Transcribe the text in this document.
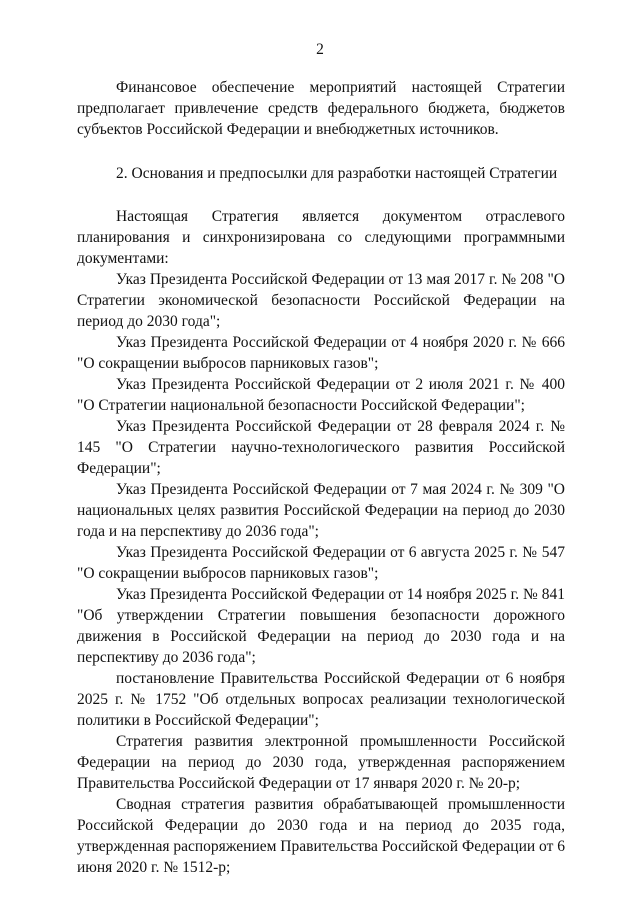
2

Финансовое обеспечение мероприятий настоящей Стратегии предполагает привлечение средств федерального бюджета, бюджетов субъектов Российской Федерации и внебюджетных источников.

2. Основания и предпосылки для разработки настоящей Стратегии

Настоящая Стратегия является документом отраслевого планирования и синхронизирована со следующими программными документами:

Указ Президента Российской Федерации от 13 мая 2017 г. № 208 "О Стратегии экономической безопасности Российской Федерации на период до 2030 года";

Указ Президента Российской Федерации от 4 ноября 2020 г. № 666 "О сокращении выбросов парниковых газов";

Указ Президента Российской Федерации от 2 июля 2021 г. № 400 "О Стратегии национальной безопасности Российской Федерации";

Указ Президента Российской Федерации от 28 февраля 2024 г. № 145 "О Стратегии научно-технологического развития Российской Федерации";

Указ Президента Российской Федерации от 7 мая 2024 г. № 309 "О национальных целях развития Российской Федерации на период до 2030 года и на перспективу до 2036 года";

Указ Президента Российской Федерации от 6 августа 2025 г. № 547 "О сокращении выбросов парниковых газов";

Указ Президента Российской Федерации от 14 ноября 2025 г. № 841 "Об утверждении Стратегии повышения безопасности дорожного движения в Российской Федерации на период до 2030 года и на перспективу до 2036 года";

постановление Правительства Российской Федерации от 6 ноября 2025 г. № 1752 "Об отдельных вопросах реализации технологической политики в Российской Федерации";

Стратегия развития электронной промышленности Российской Федерации на период до 2030 года, утвержденная распоряжением Правительства Российской Федерации от 17 января 2020 г. № 20-р;

Сводная стратегия развития обрабатывающей промышленности Российской Федерации до 2030 года и на период до 2035 года, утвержденная распоряжением Правительства Российской Федерации от 6 июня 2020 г. № 1512-р;
